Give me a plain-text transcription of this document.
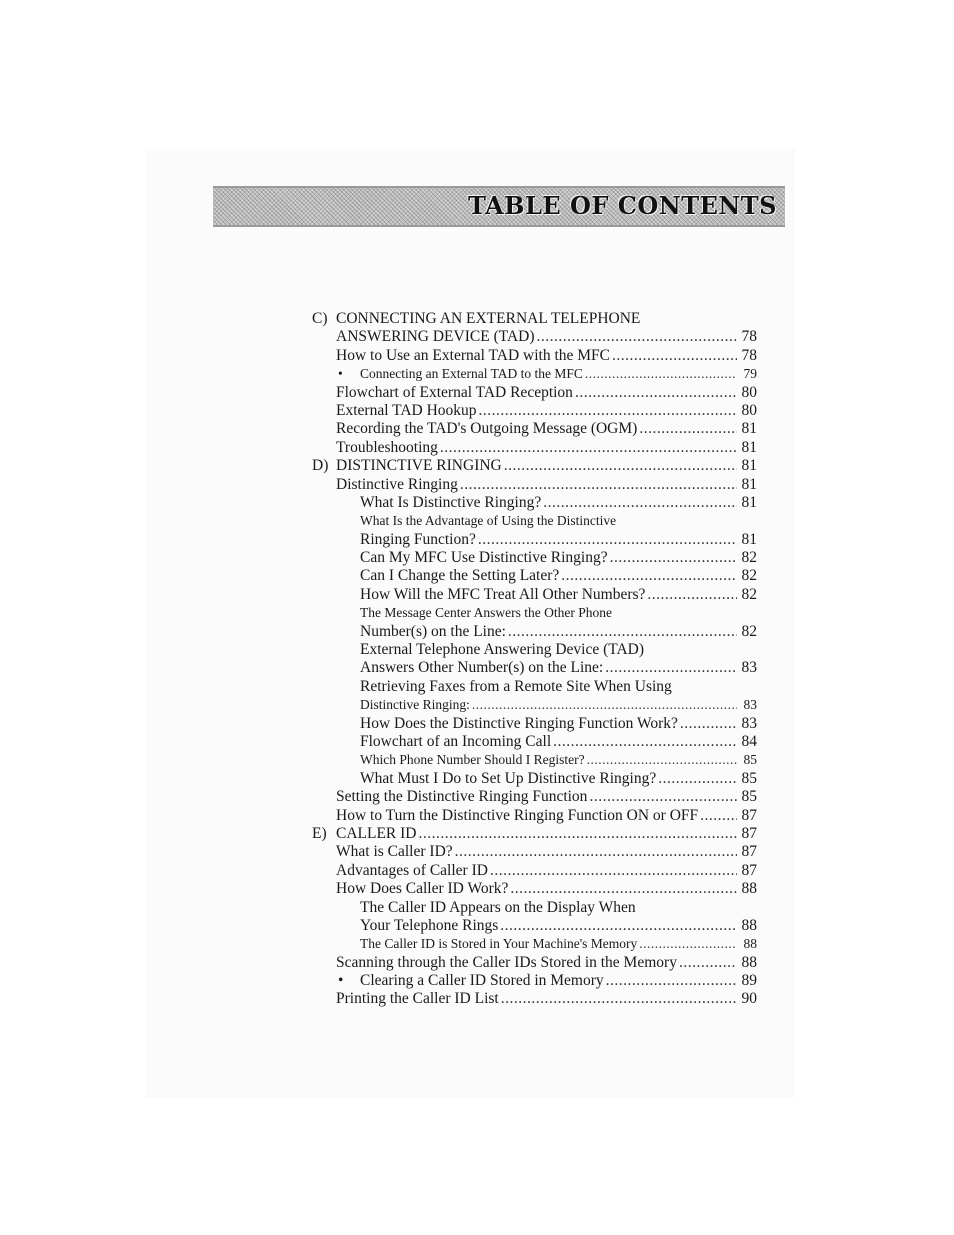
TABLE OF CONTENTS
C) CONNECTING AN EXTERNAL TELEPHONE
ANSWERING DEVICE (TAD) .....	78
How to Use an External TAD with the MFC .....	78
•	Connecting an External TAD to the MFC .....	79
Flowchart of External TAD Reception .....	80
External TAD Hookup .....	80
Recording the TAD's Outgoing Message (OGM) .....	81
Troubleshooting .....	81
D) DISTINCTIVE RINGING .....	81
Distinctive Ringing .....	81
What Is Distinctive Ringing? .....	81
What Is the Advantage of Using the Distinctive
Ringing Function? .....	81
Can My MFC Use Distinctive Ringing? .....	82
Can I Change the Setting Later? .....	82
How Will the MFC Treat All Other Numbers? .....	82
The Message Center Answers the Other Phone
Number(s) on the Line: .....	82
External Telephone Answering Device (TAD)
Answers Other Number(s) on the Line: .....	83
Retrieving Faxes from a Remote Site When Using
Distinctive Ringing: .....	83
How Does the Distinctive Ringing Function Work? .....	83
Flowchart of an Incoming Call .....	84
Which Phone Number Should I Register? .....	85
What Must I Do to Set Up Distinctive Ringing? .....	85
Setting the Distinctive Ringing Function .....	85
How to Turn the Distinctive Ringing Function ON or OFF .....	87
E) CALLER ID .....	87
What is Caller ID? .....	87
Advantages of Caller ID .....	87
How Does Caller ID Work? .....	88
The Caller ID Appears on the Display When
Your Telephone Rings .....	88
The Caller ID is Stored in Your Machine's Memory .....	88
Scanning through the Caller IDs Stored in the Memory .....	88
•	Clearing a Caller ID Stored in Memory .....	89
Printing the Caller ID List .....	90
